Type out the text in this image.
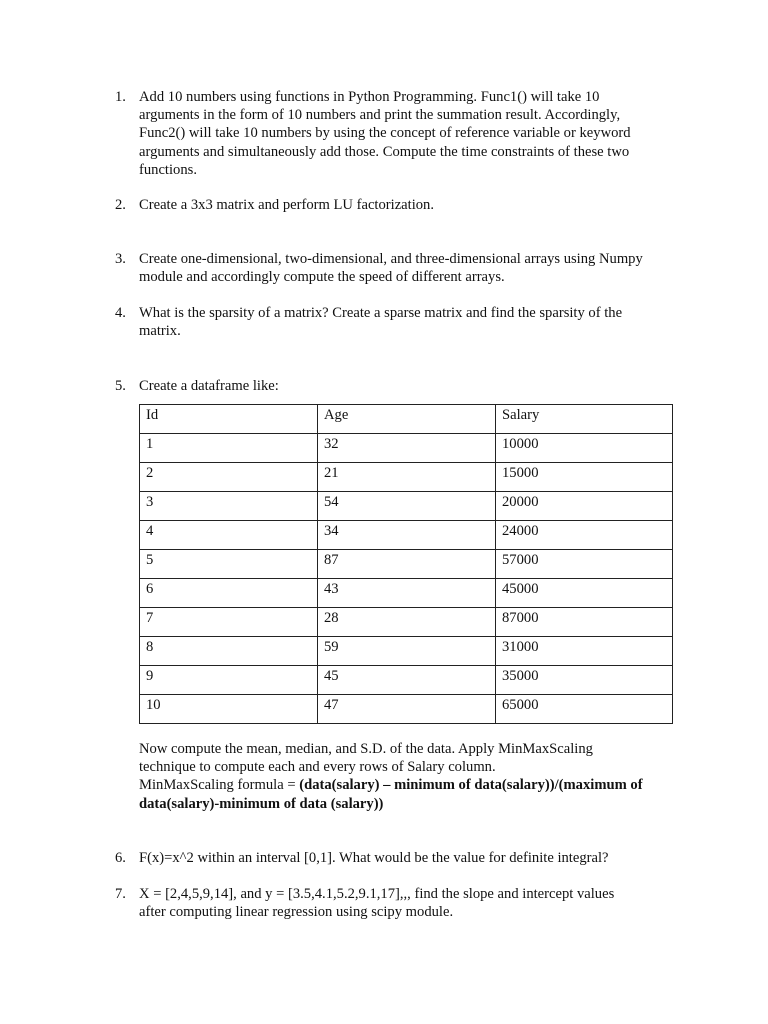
1. Add 10 numbers using functions in Python Programming. Func1() will take 10
arguments in the form of 10 numbers and print the summation result. Accordingly,
Func2() will take 10 numbers by using the concept of reference variable or keyword
arguments and simultaneously add those. Compute the time constraints of these two
functions.
2. Create a 3x3 matrix and perform LU factorization.
3. Create one-dimensional, two-dimensional, and three-dimensional arrays using Numpy
module and accordingly compute the speed of different arrays.
4. What is the sparsity of a matrix? Create a sparse matrix and find the sparsity of the
matrix.
5. Create a dataframe like:
Id	Age	Salary
1	32	10000
2	21	15000
3	54	20000
4	34	24000
5	87	57000
6	43	45000
7	28	87000
8	59	31000
9	45	35000
10	47	65000
Now compute the mean, median, and S.D. of the data. Apply MinMaxScaling
technique to compute each and every rows of Salary column.
MinMaxScaling formula = (data(salary) – minimum of data(salary))/(maximum of
data(salary)-minimum of data (salary))
6. F(x)=x^2 within an interval [0,1]. What would be the value for definite integral?
7. X = [2,4,5,9,14], and y = [3.5,4.1,5.2,9.1,17],,, find the slope and intercept values
after computing linear regression using scipy module.
